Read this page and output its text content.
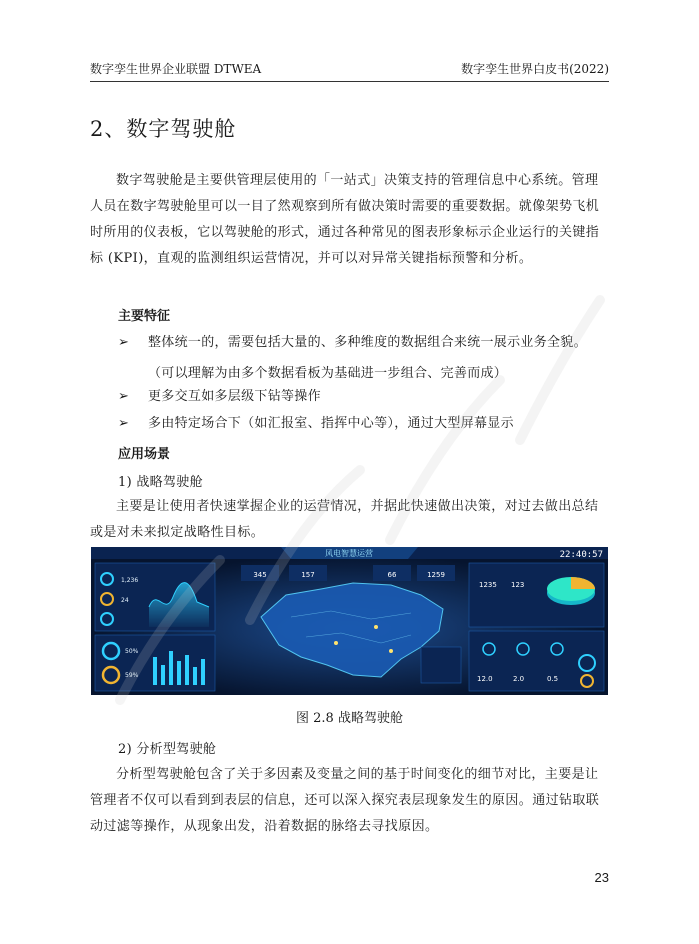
数字孪生世界企业联盟 DTWEA	数字孪生世界白皮书(2022)
2、数字驾驶舱

数字驾驶舱是主要供管理层使用的「一站式」决策支持的管理信息中心系统。管理人员在数字驾驶舱里可以一目了然观察到所有做决策时需要的重要数据。就像架势飞机时所用的仪表板，它以驾驶舱的形式，通过各种常见的图表形象标示企业运行的关键指标 (KPI)，直观的监测组织运营情况，并可以对异常关键指标预警和分析。

主要特征
➢	整体统一的，需要包括大量的、多种维度的数据组合来统一展示业务全貌。
（可以理解为由多个数据看板为基础进一步组合、完善而成）
➢	更多交互如多层级下钻等操作
➢	多由特定场合下（如汇报室、指挥中心等），通过大型屏幕显示
应用场景
1) 战略驾驶舱

主要是让使用者快速掌握企业的运营情况，并据此快速做出决策，对过去做出总结或是对未来拟定战略性目标。

风电智慧运营	22:40:57
1,236
24
50%
59%
345	157	66	1259
1235 123
12.0	2.0	0.5
图 2.8 战略驾驶舱
2) 分析型驾驶舱

分析型驾驶舱包含了关于多因素及变量之间的基于时间变化的细节对比，主要是让管理者不仅可以看到到表层的信息，还可以深入探究表层现象发生的原因。通过钻取联动过滤等操作，从现象出发，沿着数据的脉络去寻找原因。

23
